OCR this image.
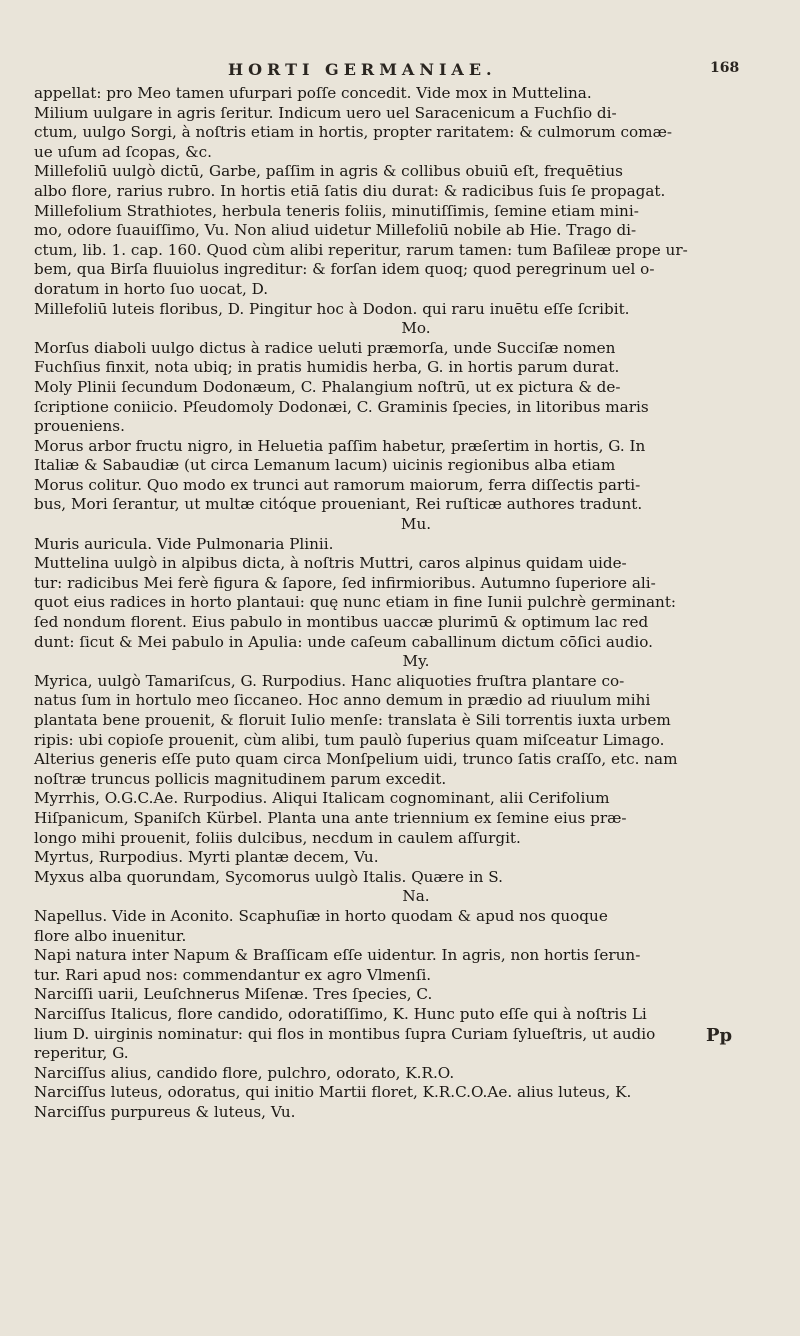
HORTI GERMANIAE.	168
appellat: pro Meo tamen ufurpari poſſe concedit. Vide mox in Muttelina.
Milium uulgare in agris ſeritur. Indicum uero uel Saracenicum a Fuchſio di-
ctum, uulgo Sorgi, à noſtris etiam in hortis, propter raritatem: & culmorum comæ-
ue uſum ad ſcopas, &c.
Millefoliū uulgò dictū, Garbe, paſſim in agris & collibus obuiū eſt, frequētius
albo flore, rarius rubro. In hortis etiā ſatis diu durat: & radicibus ſuis ſe propagat.
Millefolium Strathiotes, herbula teneris foliis, minutiſſimis, ſemine etiam mini-
mo, odore ſuauiſſimo, Vu. Non aliud uidetur Millefoliū nobile ab Hie. Trago di-
ctum, lib. 1. cap. 160. Quod cùm alibi reperitur, rarum tamen: tum Baſileæ prope ur-
bem, qua Birſa fluuiolus ingreditur: & forſan idem quoq; quod peregrinum uel o-
doratum in horto ſuo uocat, D.
Millefoliū luteis floribus, D. Pingitur hoc à Dodon. qui raru inuētu eſſe ſcribit.
Mo.
Morſus diaboli uulgo dictus à radice ueluti præmorſa, unde Succiſæ nomen
Fuchſius finxit, nota ubiq; in pratis humidis herba, G. in hortis parum durat.
Moly Plinii ſecundum Dodonæum, C. Phalangium noſtrū, ut ex pictura & de-
ſcriptione coniicio. Pſeudomoly Dodonæi, C. Graminis ſpecies, in litoribus maris
proueniens.
Morus arbor fructu nigro, in Heluetia paſſim habetur, præſertim in hortis, G. In
Italiæ & Sabaudiæ (ut circa Lemanum lacum) uicinis regionibus alba etiam
Morus colitur. Quo modo ex trunci aut ramorum maiorum, ferra diſſectis parti-
bus, Mori ſerantur, ut multæ citóque proueniant, Rei ruſticæ authores tradunt.
Mu.
Muris auricula. Vide Pulmonaria Plinii.
Muttelina uulgò in alpibus dicta, à noſtris Muttri, caros alpinus quidam uide-
tur: radicibus Mei ferè figura & ſapore, ſed infirmioribus. Autumno ſuperiore ali-
quot eius radices in horto plantaui: quę nunc etiam in fine Iunii pulchrè germinant:
ſed nondum florent. Eius pabulo in montibus uaccæ plurimū & optimum lac red
dunt: ſicut & Mei pabulo in Apulia: unde caſeum caballinum dictum cōſici audio.
My.
Myrica, uulgò Tamariſcus, G. Rurpodius. Hanc aliquoties fruſtra plantare co-
natus ſum in hortulo meo ſiccaneo. Hoc anno demum in prædio ad riuulum mihi
plantata bene prouenit, & floruit Iulio menſe: translata è Sili torrentis iuxta urbem
ripis: ubi copioſe prouenit, cùm alibi, tum paulò ſuperius quam miſceatur Limago.
Alterius generis eſſe puto quam circa Monſpelium uidi, trunco ſatis craſſo, etc. nam
noſtræ truncus pollicis magnitudinem parum excedit.
Myrrhis, O.G.C.Ae. Rurpodius. Aliqui Italicam cognominant, alii Cerifolium
Hiſpanicum, Spaniſch Kürbel. Planta una ante triennium ex ſemine eius præ-
longo mihi prouenit, foliis dulcibus, necdum in caulem aſſurgit.
Myrtus, Rurpodius. Myrti plantæ decem, Vu.
Myxus alba quorundam, Sycomorus uulgò Italis. Quære in S.
Na.
Napellus. Vide in Aconito. Scaphuſiæ in horto quodam & apud nos quoque
flore albo inuenitur.
Napi natura inter Napum & Braſſicam eſſe uidentur. In agris, non hortis ſerun-
tur. Rari apud nos: commendantur ex agro Vlmenſi.
Narciſſi uarii, Leuſchnerus Miſenæ. Tres ſpecies, C.
Narciſſus Italicus, flore candido, odoratiſſimo, K. Hunc puto eſſe qui à noſtris Li
lium D. uirginis nominatur: qui flos in montibus ſupra Curiam ſylueſtris, ut audio
reperitur, G.
Narciſſus alius, candido flore, pulchro, odorato, K.R.O.
Narciſſus luteus, odoratus, qui initio Martii floret, K.R.C.O.Ae. alius luteus, K.
Narciſſus purpureus & luteus, Vu.
Pp
